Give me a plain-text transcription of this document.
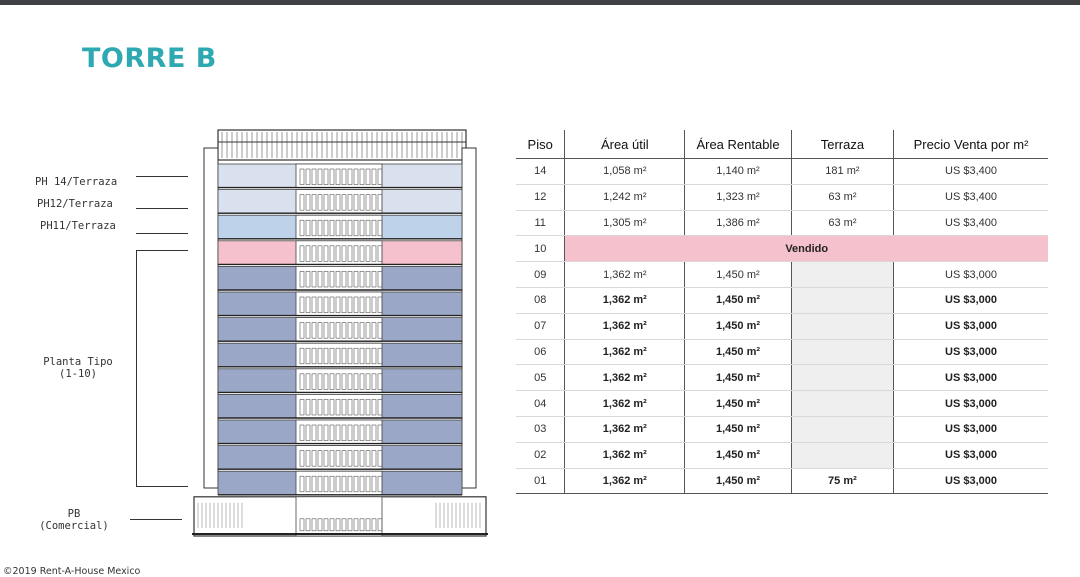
TORRE B
PH 14/Terraza
PH12/Terraza
PH11/Terraza
Planta Tipo
(1-10)
PB
(Comercial)
Piso	Área útil	Área Rentable	Terraza	Precio Venta por m²
14	1,058 m²	1,140 m²	181 m²	US $3,400
12	1,242 m²	1,323 m²	63 m²	US $3,400
11	1,305 m²	1,386 m²	63 m²	US $3,400
10	Vendido			
09	1,362 m²	1,450 m²		US $3,000
08	1,362 m²	1,450 m²		US $3,000
07	1,362 m²	1,450 m²		US $3,000
06	1,362 m²	1,450 m²		US $3,000
05	1,362 m²	1,450 m²		US $3,000
04	1,362 m²	1,450 m²		US $3,000
03	1,362 m²	1,450 m²		US $3,000
02	1,362 m²	1,450 m²		US $3,000
01	1,362 m²	1,450 m²	75 m²	US $3,000
©2019 Rent-A-House Mexico
